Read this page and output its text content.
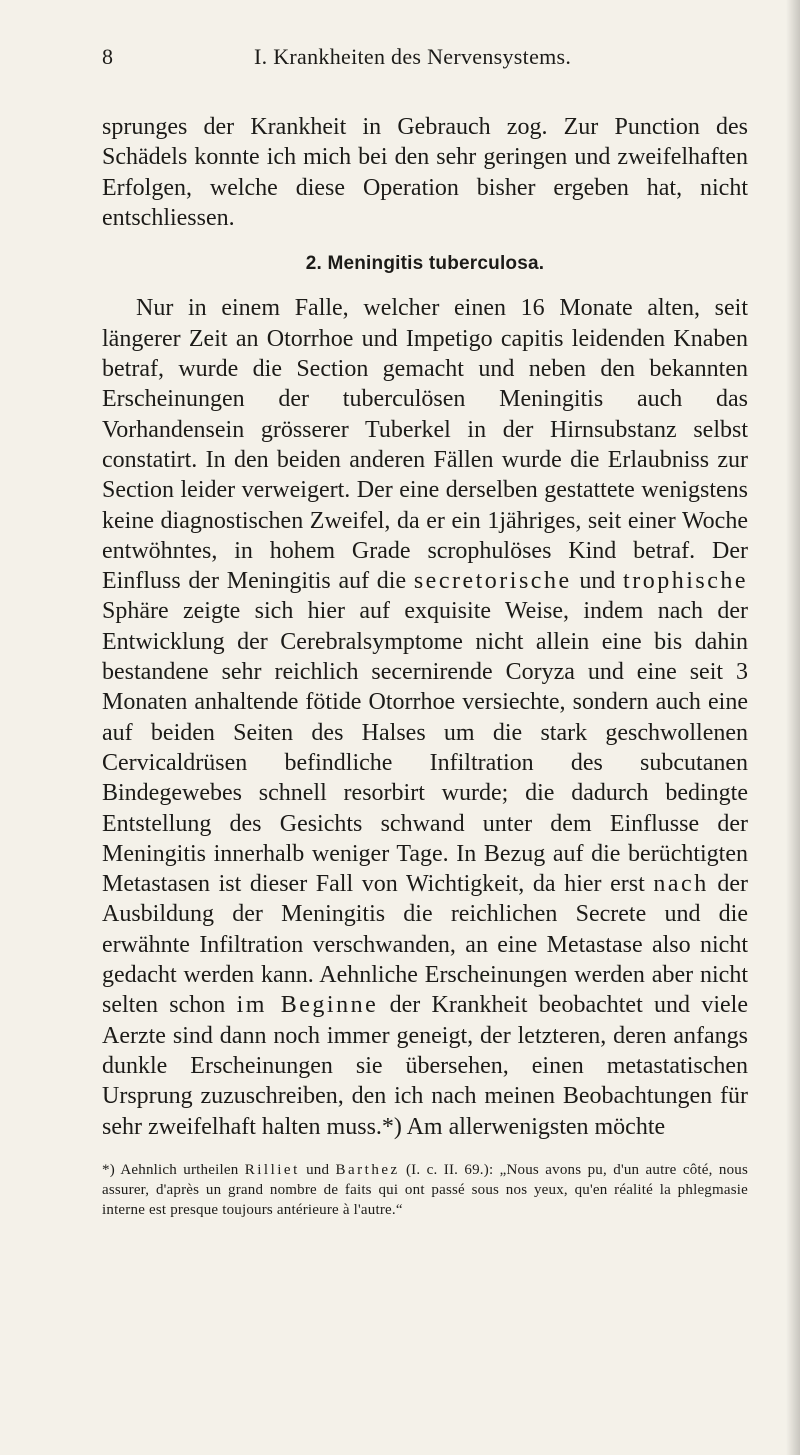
8	I. Krankheiten des Nervensystems.

sprunges der Krankheit in Gebrauch zog. Zur Punction des Schädels konnte ich mich bei den sehr geringen und zweifelhaften Erfolgen, welche diese Operation bisher ergeben hat, nicht entschliessen.

2. Meningitis tuberculosa.

Nur in einem Falle, welcher einen 16 Monate alten, seit längerer Zeit an Otorrhoe und Impetigo capitis leidenden Knaben betraf, wurde die Section gemacht und neben den bekannten Erscheinungen der tuberculösen Meningitis auch das Vorhandensein grösserer Tuberkel in der Hirnsubstanz selbst constatirt. In den beiden anderen Fällen wurde die Erlaubniss zur Section leider verweigert. Der eine derselben gestattete wenigstens keine diagnostischen Zweifel, da er ein 1jähriges, seit einer Woche entwöhntes, in hohem Grade scrophulöses Kind betraf. Der Einfluss der Meningitis auf die secretorische und trophische Sphäre zeigte sich hier auf exquisite Weise, indem nach der Entwicklung der Cerebralsymptome nicht allein eine bis dahin bestandene sehr reichlich secernirende Coryza und eine seit 3 Monaten anhaltende fötide Otorrhoe versiechte, sondern auch eine auf beiden Seiten des Halses um die stark geschwollenen Cervicaldrüsen befindliche Infiltration des subcutanen Bindegewebes schnell resorbirt wurde; die dadurch bedingte Entstellung des Gesichts schwand unter dem Einflusse der Meningitis innerhalb weniger Tage. In Bezug auf die berüchtigten Metastasen ist dieser Fall von Wichtigkeit, da hier erst nach der Ausbildung der Meningitis die reichlichen Secrete und die erwähnte Infiltration verschwanden, an eine Metastase also nicht gedacht werden kann. Aehnliche Erscheinungen werden aber nicht selten schon im Beginne der Krankheit beobachtet und viele Aerzte sind dann noch immer geneigt, der letzteren, deren anfangs dunkle Erscheinungen sie übersehen, einen metastatischen Ursprung zuzuschreiben, den ich nach meinen Beobachtungen für sehr zweifelhaft halten muss.*) Am allerwenigsten möchte

*) Aehnlich urtheilen Rilliet und Barthez (I. c. II. 69.): „Nous avons pu, d'un autre côté, nous assurer, d'après un grand nombre de faits qui ont passé sous nos yeux, qu'en réalité la phlegmasie interne est presque toujours antérieure à l'autre.“
